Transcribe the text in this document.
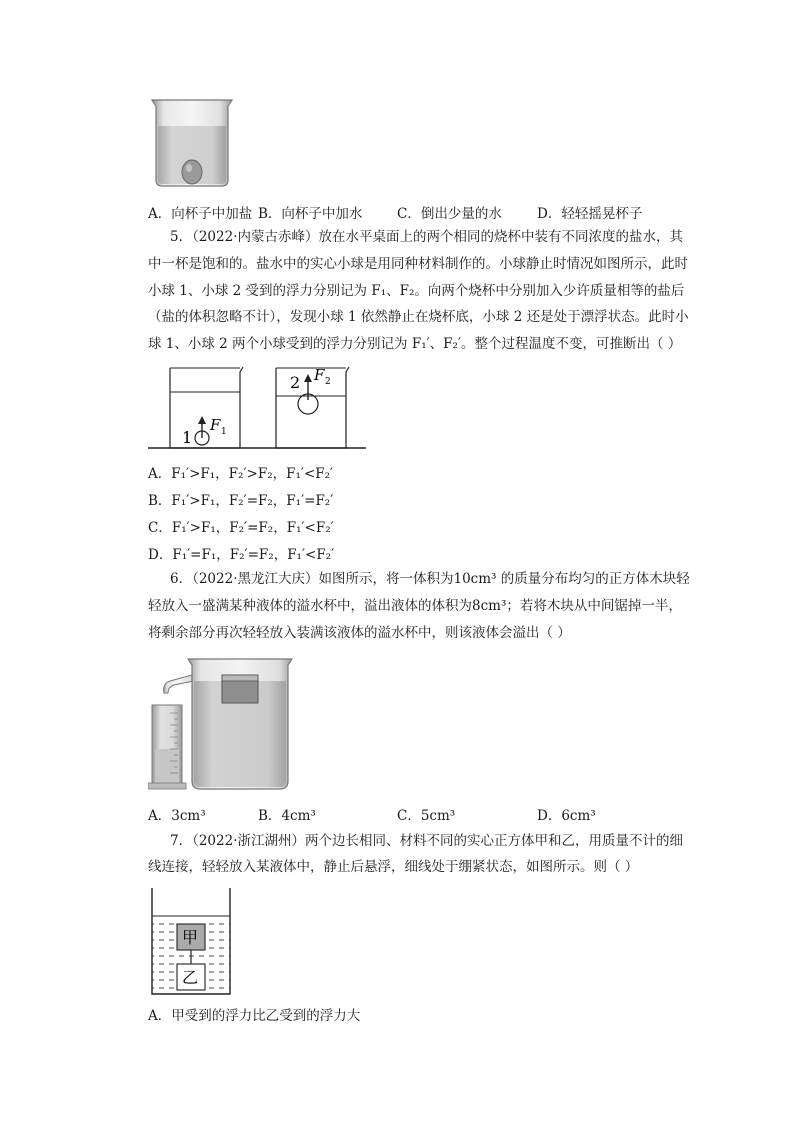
A．向杯子中加盐 B．向杯子中加水	C．倒出少量的水	D．轻轻摇晃杯子
5．（2022·内蒙古赤峰）放在水平桌面上的两个相同的烧杯中装有不同浓度的盐水，其
中一杯是饱和的。盐水中的实心小球是用同种材料制作的。小球静止时情况如图所示，此时
小球 1、小球 2 受到的浮力分别记为 F₁、F₂。向两个烧杯中分别加入少许质量相等的盐后
（盐的体积忽略不计），发现小球 1 依然静止在烧杯底，小球 2 还是处于漂浮状态。此时小
球 1、小球 2 两个小球受到的浮力分别记为 F₁′、F₂′。整个过程温度不变，可推断出（ ）
1
F 1
2 F 2
A．F₁′>F₁，F₂′>F₂，F₁′<F₂′
B．F₁′>F₁，F₂′=F₂，F₁′=F₂′
C．F₁′>F₁，F₂′=F₂，F₁′<F₂′
D．F₁′=F₁，F₂′=F₂，F₁′<F₂′
6．（2022·黑龙江大庆）如图所示，将一体积为10cm³ 的质量分布均匀的正方体木块轻
轻放入一盛满某种液体的溢水杯中，溢出液体的体积为8cm³；若将木块从中间锯掉一半，
将剩余部分再次轻轻放入装满该液体的溢水杯中，则该液体会溢出（ ）
A．3cm³	B．4cm³	C．5cm³	D．6cm³
7．（2022·浙江湖州）两个边长相同、材料不同的实心正方体甲和乙，用质量不计的细
线连接，轻轻放入某液体中，静止后悬浮，细线处于绷紧状态，如图所示。则（ ）
甲
乙
A．甲受到的浮力比乙受到的浮力大
